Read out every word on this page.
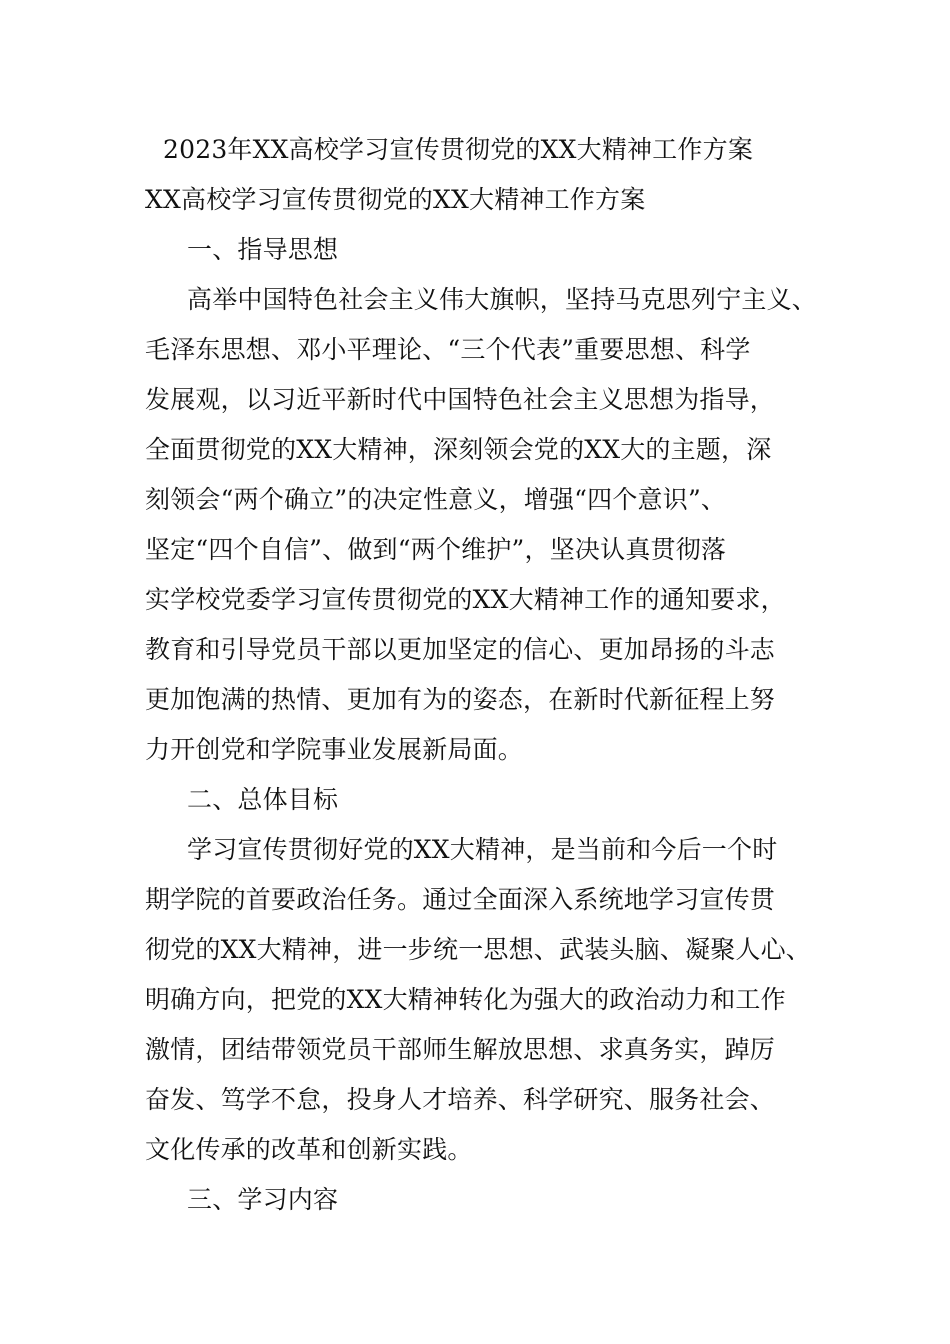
2023年XX高校学习宣传贯彻党的XX大精神工作方案
XX高校学习宣传贯彻党的XX大精神工作方案
一、指导思想
高举中国特色社会主义伟大旗帜，坚持马克思列宁主义、
毛泽东思想、邓小平理论、“三个代表”重要思想、科学
发展观，以习近平新时代中国特色社会主义思想为指导，
全面贯彻党的XX大精神，深刻领会党的XX大的主题，深
刻领会“两个确立”的决定性意义，增强“四个意识”、
坚定“四个自信”、做到“两个维护”，坚决认真贯彻落
实学校党委学习宣传贯彻党的XX大精神工作的通知要求，
教育和引导党员干部以更加坚定的信心、更加昂扬的斗志
更加饱满的热情、更加有为的姿态，在新时代新征程上努
力开创党和学院事业发展新局面。
二、总体目标
学习宣传贯彻好党的XX大精神，是当前和今后一个时
期学院的首要政治任务。通过全面深入系统地学习宣传贯
彻党的XX大精神，进一步统一思想、武装头脑、凝聚人心、
明确方向，把党的XX大精神转化为强大的政治动力和工作
激情，团结带领党员干部师生解放思想、求真务实，踔厉
奋发、笃学不怠，投身人才培养、科学研究、服务社会、
文化传承的改革和创新实践。
三、学习内容
